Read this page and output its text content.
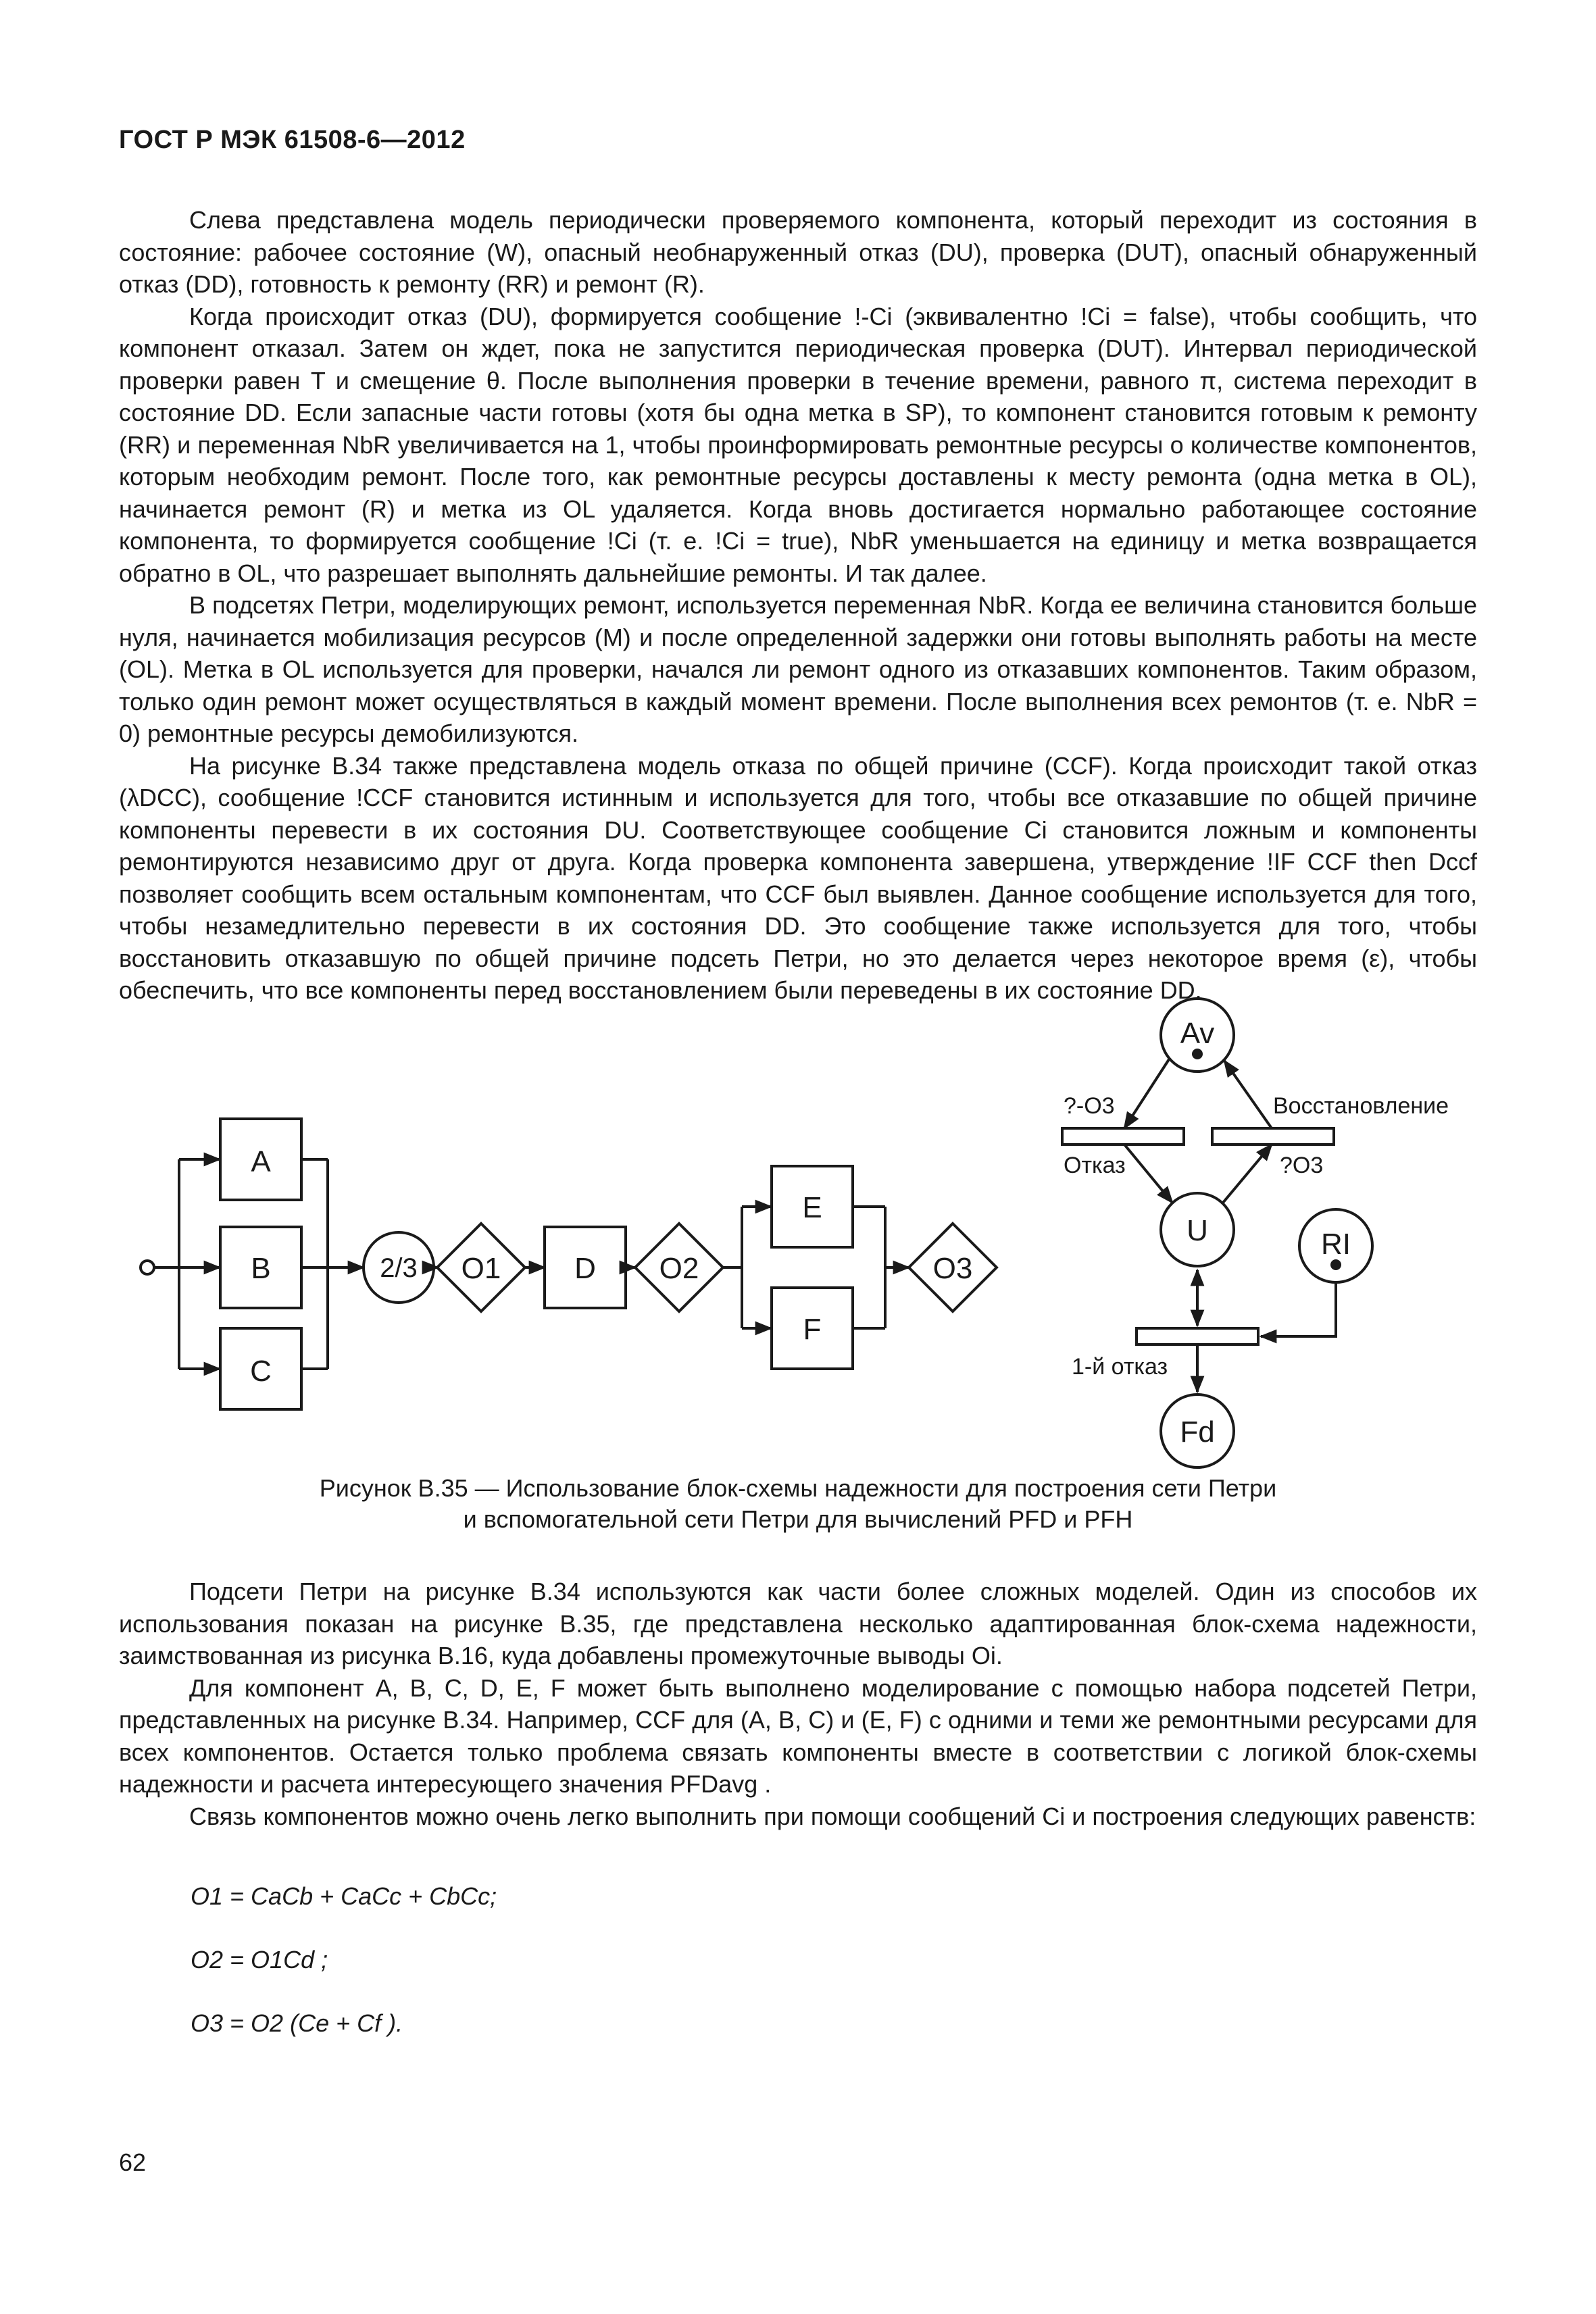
ГОСТ Р МЭК 61508-6—2012

Слева представлена модель периодически проверяемого компонента, который переходит из состояния в состояние: рабочее состояние (W), опасный необнаруженный отказ (DU), проверка (DUT), опасный обнаруженный отказ (DD), готовность к ремонту (RR) и ремонт (R).

Когда происходит отказ (DU), формируется сообщение !-Ci (эквивалентно !Ci = false), чтобы сообщить, что компонент отказал. Затем он ждет, пока не запустится периодическая проверка (DUT). Интервал периодической проверки равен T и смещение θ. После выполнения проверки в течение времени, равного π, система переходит в состояние DD. Если запасные части готовы (хотя бы одна метка в SP), то компонент становится готовым к ремонту (RR) и переменная NbR увеличивается на 1, чтобы проинформировать ремонтные ресурсы о количестве компонентов, которым необходим ремонт. После того, как ремонтные ресурсы доставлены к месту ремонта (одна метка в OL), начинается ремонт (R) и метка из OL удаляется. Когда вновь достигается нормально работающее состояние компонента, то формируется сообщение !Ci (т. е. !Ci = true), NbR уменьшается на единицу и метка возвращается обратно в OL, что разрешает выполнять дальнейшие ремонты. И так далее.

В подсетях Петри, моделирующих ремонт, используется переменная NbR. Когда ее величина становится больше нуля, начинается мобилизация ресурсов (M) и после определенной задержки они готовы выполнять работы на месте (OL). Метка в OL используется для проверки, начался ли ремонт одного из отказавших компонентов. Таким образом, только один ремонт может осуществляться в каждый момент времени. После выполнения всех ремонтов (т. е. NbR = 0) ремонтные ресурсы демобилизуются.

На рисунке B.34 также представлена модель отказа по общей причине (CCF). Когда происходит такой отказ (λDCC), сообщение !CCF становится истинным и используется для того, чтобы все отказавшие по общей причине компоненты перевести в их состояния DU. Соответствующее сообщение Ci становится ложным и компоненты ремонтируются независимо друг от друга. Когда проверка компонента завершена, утверждение !IF CCF then Dccf позволяет сообщить всем остальным компонентам, что CCF был выявлен. Данное сообщение используется для того, чтобы незамедлительно перевести в их состояния DD. Это сообщение также используется для того, чтобы восстановить отказавшую по общей причине подсеть Петри, но это делается через некоторое время (ε), чтобы обеспечить, что все компоненты перед восстановлением были переведены в их состояние DD.

A
B
C
2/3 O1 D O2
E
F
O3
Av
U	RI
Fd
?-O3	Восстановление
Отказ	?O3
1-й отказ
Рисунок B.35 — Использование блок-схемы надежности для построения сети Петри
и вспомогательной сети Петри для вычислений PFD и PFH

Подсети Петри на рисунке B.34 используются как части более сложных моделей. Один из способов их использования показан на рисунке B.35, где представлена несколько адаптированная блок-схема надежности, заимствованная из рисунка B.16, куда добавлены промежуточные выводы Oi.

Для компонент A, B, C, D, E, F может быть выполнено моделирование с помощью набора подсетей Петри, представленных на рисунке B.34. Например, CCF для (A, B, C) и (E, F) с одними и теми же ремонтными ресурсами для всех компонентов. Остается только проблема связать компоненты вместе в соответствии с логикой блок-схемы надежности и расчета интересующего значения PFDavg .

Связь компонентов можно очень легко выполнить при помощи сообщений Ci и построения следующих равенств:

O1 = CaCb + CaCc + CbCc;
O2 = O1Cd ;
O3 = O2 (Ce + Cf ).
62
